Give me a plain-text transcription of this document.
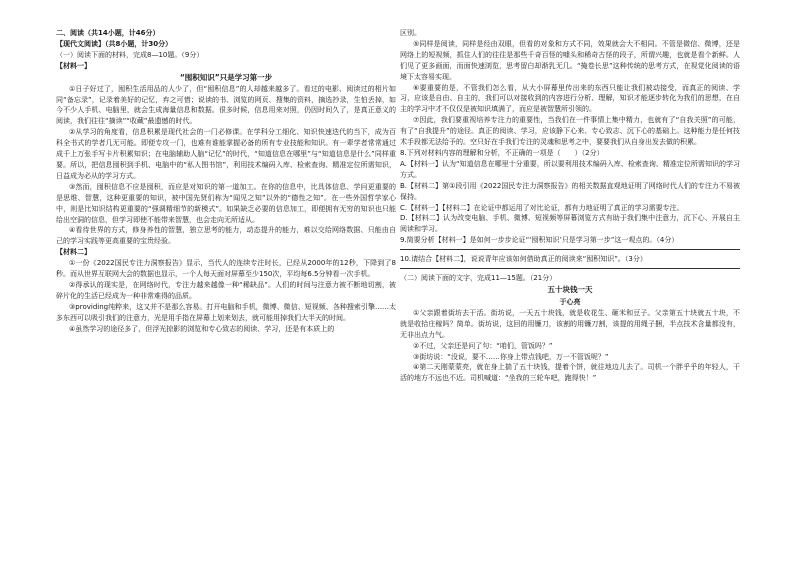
二、阅读（共14小题，计46分）

【现代文阅读】（共8小题，计30分）

（一）阅读下面的材料，完成8—10题。（9分）

【材料一】

“囤积知识”只是学习第一步

①日子好过了，囤积生活用品的人少了，但“囤积信息”的人却越来越多了。看过的电影、阅读过的相片如同“备忘录”，记录着美好的记忆，弃之可惜；说读的书、浏览的网页、搜集的资料，摘选抄录，生怕丢掉，如今不少人手机、电脑里，就会生成海量信息和数据。很多时候，信息用来对照，仍因时间久了，是真正意义的阅读，我们往往“摘读”“收藏”最遗憾的时代。

②从学习的角度看，信息积累是现代社会的一门必修课。在学科分工细化、知识快速迭代的当下，成为百科全书式的学者几无可能。即便专攻一门，也难有谁能掌握必备的所有专业技能和知识。有一辈学者常常通过成千上万张手写卡片积累知识；在电脑辅助人脑“记忆”的时代，“知道信息在哪里”与“知道信息是什么”同样重要。所以，把信息囤积到手机、电脑中的“私人图书馆”，利用技术编码入库、检索查询、精准定位所需知识，日益成为必从的学习方式。

③然而，囤积信息不应是囤积，而应是对知识的第一道加工。在你的信息中，比具体信息、学问更重要的是思维、智慧，这种更重要的知识，被中国先贤们称为“闻见之知”以外的“德性之知”。在一些外国哲学家心中，则是比知识结构更重要的“强调精细节的新模式”。如果缺乏必要的信息加工，即便拥有无穷的知识也只能给出空洞的信息，但学习即使不能带来智慧，也会走向无所适从。

④看待世界的方式，修身养性的智慧，独立思考的能力，动态提升的能力，难以交给网络数据、只能由自己的学习实践等更高重要的宝贵经验。

【材料二】

①一份《2022国民专注力洞察报告》显示，当代人的连续专注时长，已经从2000年的12秒，下降到了8秒。而从世界互联网大会的数据也显示，一个人每天面对屏幕至少150次，平均每6.5分钟看一次手机。

②得承认的现实是，在网络时代，专注力越来越像一种“稀缺品”。人们的时间与注意力被不断地切割，被碎片化的生活已经成为一种非常难得的品质。

③providing纯粹来，这又并不是那么容易。打开电脑和手机，微博、微信、短视频、各种搜索引擎……太多东西可以吸引我们的注意力，光是用手指在屏幕上划来划去，就可能用掉我们大半天的时间。

④虽然学习的途径多了，但浮光掠影的浏览和专心致志的阅读、学习，还是有本质上的

区别。

⑤同样是阅读，同样是经由双眼，但看的对象和方式不同，效果就会大不相同。不管是微信、微博，还是网络上的短视频，抓住人们的往往是那些千奇百怪的噱头和稀奇古怪的段子，所谓兴趣，也就是看个新鲜。人们见了更多画面，而面快速浏览，思考留白却渐乳无几。“掩卷长思”这种传统的思考方式，在视觉化阅读的语境下太容易实现。

⑥要重要的是，不管我们怎么看，从大小屏幕里传出来的东西只能让我们被动接受，而真正的阅读、学习，应该是自由、自主的，我们可以对接收到的内容进行分析、理解，知识才能逐步转化为我们的思想，在自主的学习中才不仅仅是被知识填满了，而应是被智慧所引领的。

⑦因此，我们要重视培养专注力的重要性，当我们在一件事情上集中精力，也就有了“自我关照”的可能，有了“自我提升”的途径。真正的阅读、学习，应该静下心来、专心致志、沉下心的基础上。这种能力是任何技术手段都无法给予的。空只好在手我们专注的灵魂和思考之中，要要我们从自身出发去做的积累。

8.下列对材料内容的理解和分析，不正确的一项是（　　）（2分）

A.【材料一】认为“知道信息在哪里十分重要，所以要利用技术编码入库、检索查询、精准定位所需知识的学习方式。

B.【材料二】第①段引用《2022国民专注力洞察报告》的相关数据直观地证明了网络时代人们的专注力不易被保持。

C.【材料一】【材料二】在论证中都运用了对比论证，都有力地证明了真正的学习需要专注。

D.【材料二】认为改变电脑、手机、微博、短视频等屏幕浏览方式有助于我们集中注意力，沉下心、开展自主阅读和学习。

9.简要分析【材料一】是如何一步步论证“‘囤积知识’只是学习第一步”这一观点的。（4分）

10.请结合【材料二】，说说青年应该如何借助真正的阅读来“囤积知识”。（3分）

（二）阅读下面的文字，完成11—15题。（21分）

五十块钱一天

于心亮

①父亲跟着街坊去干活。街坊说，一天五十块钱，就是收花生、砸米和豆子。父亲第五十块就五十块，不就是收拾庄稼吗？简单。街坊说，这回的用镰刀，该割的用镰刀割，该提的用绳子捆，半点技术含量都没有，无非出点力气。

②不过，父亲还是问了句：“咱们，管饭吗？”

③街坊说：“没说，要不……你身上带点钱吧，万一不管饭呢？”

④第二天刚蒙蒙亮，就在身上揣了五十块钱，提着个饼，就往地边儿去了。司机一个胖乎乎的年轻人，干活的地方不远也不近。司机喊道：“坐我的三轮车吧，跑得快！”
